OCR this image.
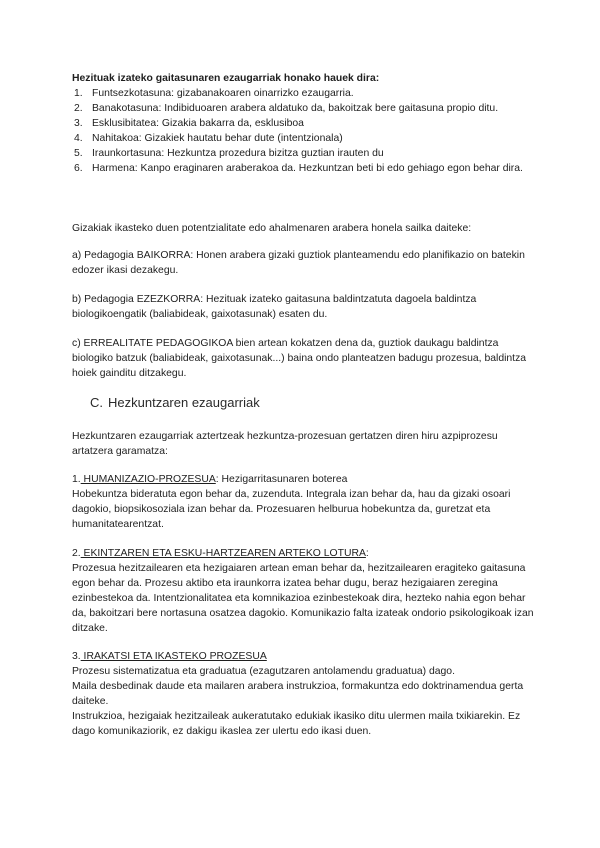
Hezituak izateko gaitasunaren ezaugarriak honako hauek dira:

1. Funtsezkotasuna: gizabanakoaren oinarrizko ezaugarria.
2. Banakotasuna: Indibiduoaren arabera aldatuko da, bakoitzak bere gaitasuna propio ditu.
3. Esklusibitatea: Gizakia bakarra da, esklusiboa
4. Nahitakoa: Gizakiek hautatu behar dute (intentzionala)
5. Iraunkortasuna: Hezkuntza prozedura bizitza guztian irauten du
6. Harmena: Kanpo eraginaren araberakoa da. Hezkuntzan beti bi edo gehiago egon behar dira.

Gizakiak ikasteko duen potentzialitate edo ahalmenaren arabera honela sailka daiteke:

a) Pedagogia BAIKORRA: Honen arabera gizaki guztiok planteamendu edo planifikazio on batekin edozer ikasi dezakegu.

b) Pedagogia EZEZKORRA: Hezituak izateko gaitasuna baldintzatuta dagoela baldintza biologikoengatik (baliabideak, gaixotasunak) esaten du.

c) ERREALITATE PEDAGOGIKOA bien artean kokatzen dena da, guztiok daukagu baldintza biologiko batzuk (baliabideak, gaixotasunak...) baina ondo planteatzen badugu prozesua, baldintza hoiek gainditu ditzakegu.

C. Hezkuntzaren ezaugarriak

Hezkuntzaren ezaugarriak aztertzeak hezkuntza-prozesuan gertatzen diren hiru azpiprozesu artatzera garamatza:

1. HUMANIZAZIO-PROZESUA: Hezigarritasunaren boterea

Hobekuntza bideratuta egon behar da, zuzenduta. Integrala izan behar da, hau da gizaki osoari dagokio, biopsikosoziala izan behar da. Prozesuaren helburua hobekuntza da, guretzat eta humanitatearentzat.

2. EKINTZAREN ETA ESKU-HARTZEAREN ARTEKO LOTURA:

Prozesua hezitzailearen eta hezigaiaren artean eman behar da, hezitzailearen eragiteko gaitasuna egon behar da. Prozesu aktibo eta iraunkorra izatea behar dugu, beraz hezigaiaren zeregina ezinbestekoa da. Intentzionalitatea eta komnikazioa ezinbestekoak dira, hezteko nahia egon behar da, bakoitzari bere nortasuna osatzea dagokio. Komunikazio falta izateak ondorio psikologikoak izan ditzake.

3. IRAKATSI ETA IKASTEKO PROZESUA

Prozesu sistematizatua eta graduatua (ezagutzaren antolamendu graduatua) dago.

Maila desbedinak daude eta mailaren arabera instrukzioa, formakuntza edo doktrinamendua gerta daiteke.

Instrukzioa, hezigaiak hezitzaileak aukeratutako edukiak ikasiko ditu ulermen maila txikiarekin. Ez dago komunikaziorik, ez dakigu ikaslea zer ulertu edo ikasi duen.
